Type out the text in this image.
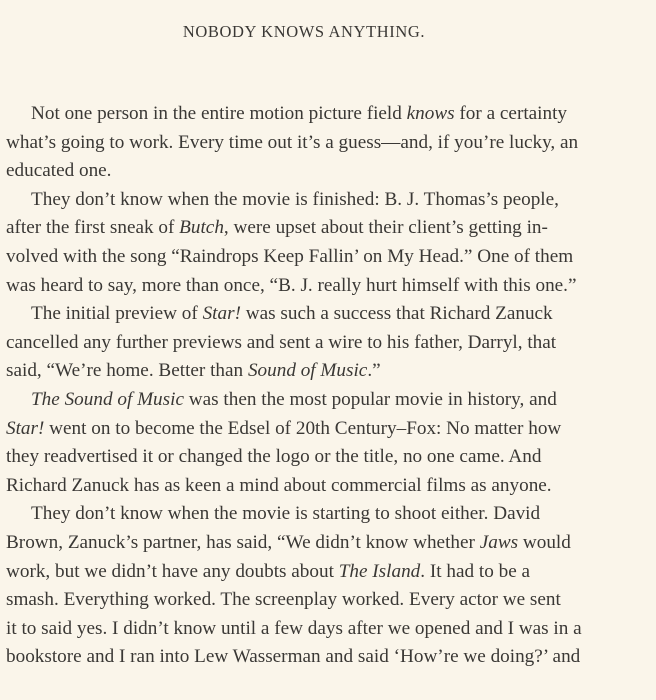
NOBODY KNOWS ANYTHING.
Not one person in the entire motion picture field knows for a certainty
what’s going to work. Every time out it’s a guess—and, if you’re lucky, an
educated one.
They don’t know when the movie is finished: B. J. Thomas’s people,
after the first sneak of Butch, were upset about their client’s getting in-
volved with the song “Raindrops Keep Fallin’ on My Head.” One of them
was heard to say, more than once, “B. J. really hurt himself with this one.”
The initial preview of Star! was such a success that Richard Zanuck
cancelled any further previews and sent a wire to his father, Darryl, that
said, “We’re home. Better than Sound of Music.”
The Sound of Music was then the most popular movie in history, and
Star! went on to become the Edsel of 20th Century–Fox: No matter how
they readvertised it or changed the logo or the title, no one came. And
Richard Zanuck has as keen a mind about commercial films as anyone.
They don’t know when the movie is starting to shoot either. David
Brown, Zanuck’s partner, has said, “We didn’t know whether Jaws would
work, but we didn’t have any doubts about The Island. It had to be a
smash. Everything worked. The screenplay worked. Every actor we sent
it to said yes. I didn’t know until a few days after we opened and I was in a
bookstore and I ran into Lew Wasserman and said ‘How’re we doing?’ and
